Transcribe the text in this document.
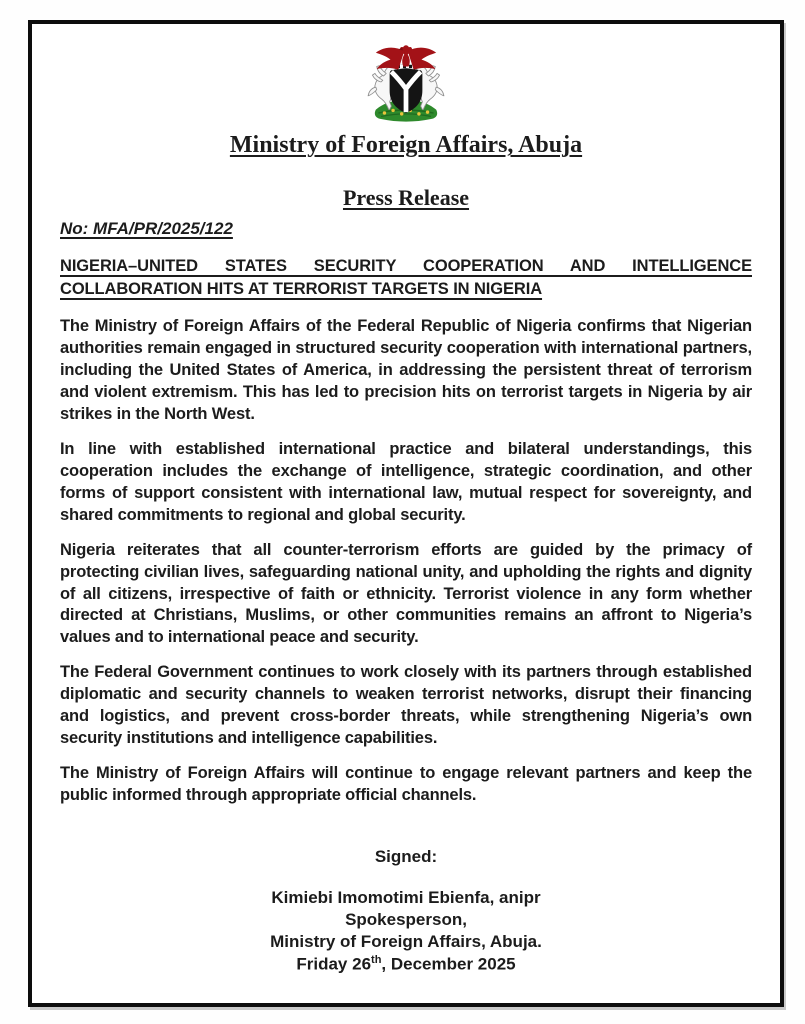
Ministry of Foreign Affairs, Abuja
Press Release
No: MFA/PR/2025/122
NIGERIA–UNITED STATES SECURITY COOPERATION AND INTELLIGENCE COLLABORATION HITS AT TERRORIST TARGETS IN NIGERIA

The Ministry of Foreign Affairs of the Federal Republic of Nigeria confirms that Nigerian authorities remain engaged in structured security cooperation with international partners, including the United States of America, in addressing the persistent threat of terrorism and violent extremism. This has led to precision hits on terrorist targets in Nigeria by air strikes in the North West.

In line with established international practice and bilateral understandings, this cooperation includes the exchange of intelligence, strategic coordination, and other forms of support consistent with international law, mutual respect for sovereignty, and shared commitments to regional and global security.

Nigeria reiterates that all counter-terrorism efforts are guided by the primacy of protecting civilian lives, safeguarding national unity, and upholding the rights and dignity of all citizens, irrespective of faith or ethnicity. Terrorist violence in any form whether directed at Christians, Muslims, or other communities remains an affront to Nigeria’s values and to international peace and security.

The Federal Government continues to work closely with its partners through established diplomatic and security channels to weaken terrorist networks, disrupt their financing and logistics, and prevent cross-border threats, while strengthening Nigeria’s own security institutions and intelligence capabilities.

The Ministry of Foreign Affairs will continue to engage relevant partners and keep the public informed through appropriate official channels.

Signed:
Kimiebi Imomotimi Ebienfa, anipr
Spokesperson,
Ministry of Foreign Affairs, Abuja.
Friday 26th, December 2025
